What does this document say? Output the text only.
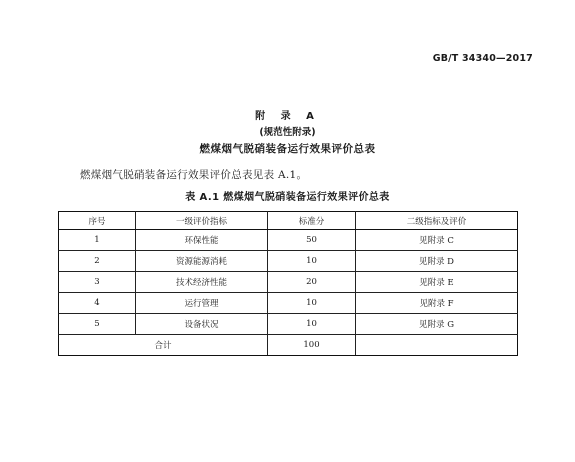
GB/T 34340—2017
附 录 A
(规范性附录)
燃煤烟气脱硝装备运行效果评价总表
燃煤烟气脱硝装备运行效果评价总表见表 A.1。
表 A.1 燃煤烟气脱硝装备运行效果评价总表
序号	一级评价指标	标准分	二级指标及评价
1	环保性能	50	见附录 C
2	资源能源消耗	10	见附录 D
3	技术经济性能	20	见附录 E
4	运行管理	10	见附录 F
5	设备状况	10	见附录 G
合计		100	
